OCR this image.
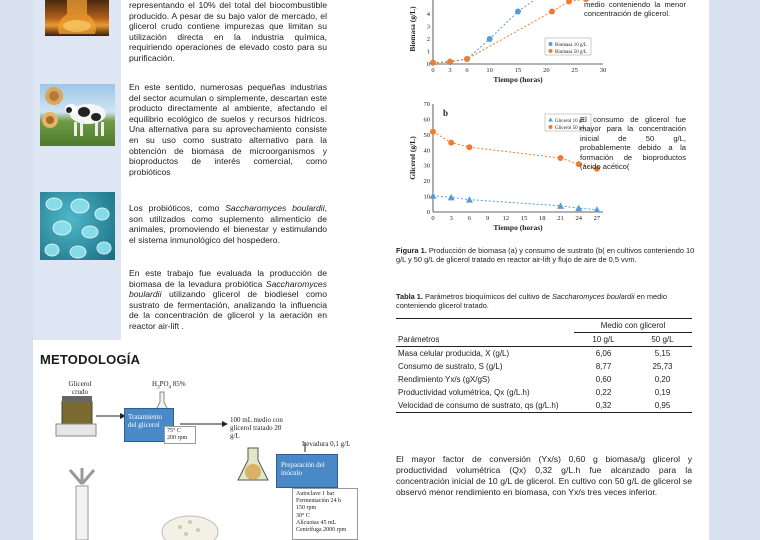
representando el 10% del total del biocombustible producido. A pesar de su bajo valor de mercado, el glicerol crudo contiene impurezas que limitan su utilización directa en la industria química, requiriendo operaciones de elevado costo para su purificación.
En este sentido, numerosas pequeñas industrias del sector acumulan o simplemente, descartan este producto directamente al ambiente, afectando el equilibrio ecológico de suelos y recursos hídricos. Una alternativa para su aprovechamiento consiste en su uso como sustrato alternativo para la obtención de biomasa de microorganismos y bioproductos de interés comercial, como probióticos
Los probióticos, como Saccharomyces boulardii, son utilizados como suplemento alimenticio de animales, promoviendo el bienestar y estimulando el sistema inmunológico del hospedero.
En este trabajo fue evaluada la producción de biomasa de la levadura probiótica Saccharomyces boulardii utilizando glicerol de biodiesel como sustrato de fermentación, analizando la influencia de la concentración de glicerol y la aeración en reactor air-lift .
METODOLOGÍA
Glicerol crudo
$H_3PO_4$ 85%
Tratamiento del glicerol
75° C
200 rpm
100 mL medio con glicerol tratado 20 g/L
Levadura 0,1 g/L
Preparación del inóculo
Autoclave 1 bar
Fermentación 24 h
150 rpm
30° C
Alícuotas 45 mL
Centrífuga 2000 rpm
0 3 6	10	15	20	25	30
0
1
2
3
4
Tiempo (horas)
Biomasa (g/L)	Biomasa 10 g/L
Biomasa 50 g/L
0 3 6 9 12 15 18 21 24 27
0
10
20
30
40
50
60
70
Tiempo (horas)
Glicerol (g/L)
b
Glicerol 10 g/L
Glicerol 50 g/L
medio conteniendo la menor concentración de glicerol.
El consumo de glicerol fue mayor para la concentración inicial de 50 g/L, probablemente debido a la formación de bioproductos (ácido acético(
Figura 1. Producción de biomasa (a) y consumo de sustrato (b( en cultivos conteniendo 10 g/L y 50 g/L de glicerol tratado en reactor air-lift y flujo de aire de 0,5 vvm.
Tabla 1. Parámetros bioquímicos del cultivo de Saccharomyces boulardii en medio conteniendo glicerol tratado.
	Medio con glicerol	
Parámetros	10 g/L	50 g/L
Masa celular producida, X (g/L)	6,06	5,15
Consumo de sustrato, S (g/L)	8,77	25,73
Rendimiento Yx/s (gX/gS)	0,60	0,20
Productividad volumétrica, Qx (g/L.h)	0,22	0,19
Velocidad de consumo de sustrato, qs (g/L.h)	0,32	0,95
El mayor factor de conversión (Yx/s) 0,60 g biomasa/g glicerol y productividad volumétrica (Qx) 0,32 g/L.h fue alcanzado para la concentración inicial de 10 g/L de glicerol. En cultivo con 50 g/L de glicerol se observó menor rendimiento en biomasa, con Yx/s tres veces inferior.
